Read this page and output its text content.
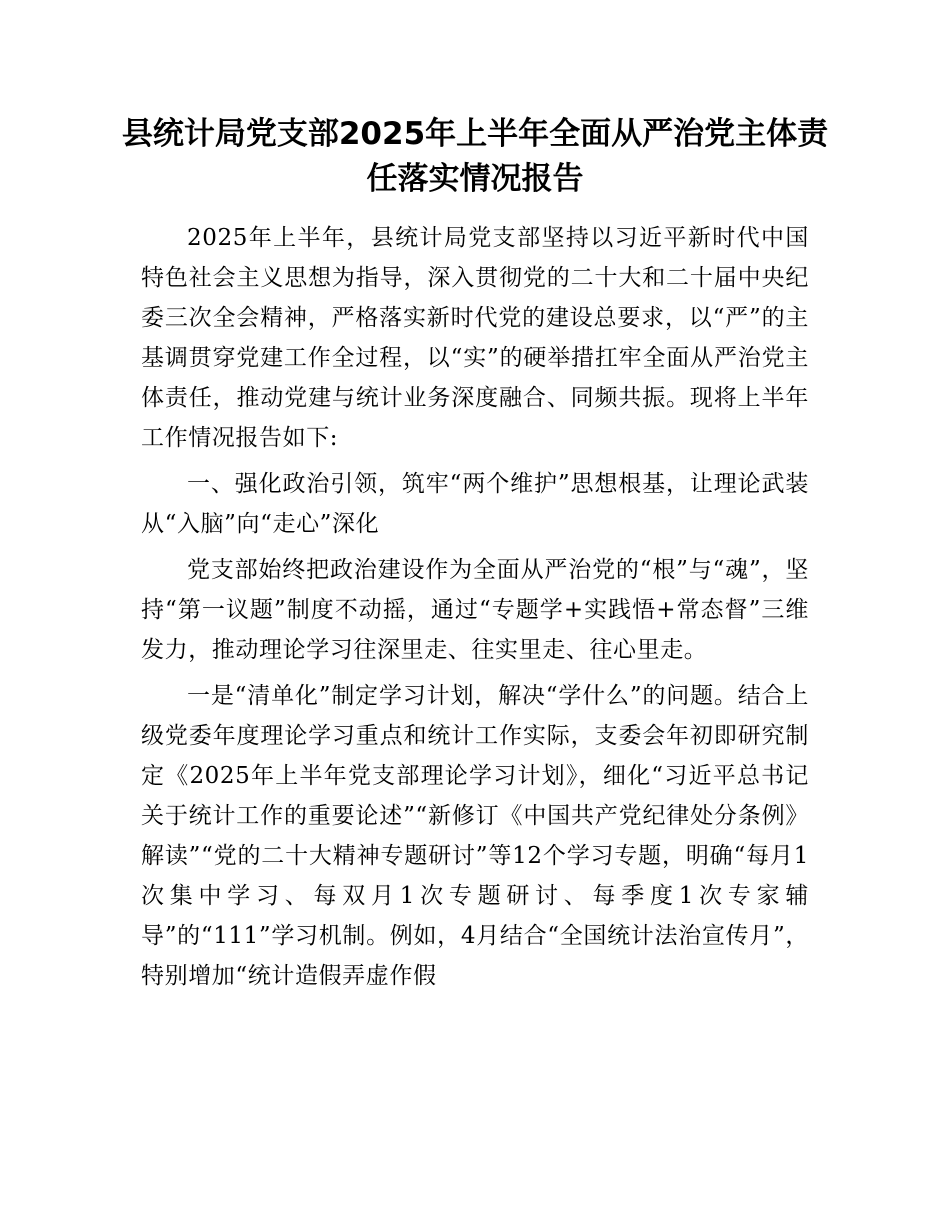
县统计局党支部2025年上半年全面从严治党主体责任落实情况报告

2025年上半年，县统计局党支部坚持以习近平新时代中国特色社会主义思想为指导，深入贯彻党的二十大和二十届中央纪委三次全会精神，严格落实新时代党的建设总要求，以“严”的主基调贯穿党建工作全过程，以“实”的硬举措扛牢全面从严治党主体责任，推动党建与统计业务深度融合、同频共振。现将上半年工作情况报告如下:

一、强化政治引领，筑牢“两个维护”思想根基，让理论武装从“入脑”向“走心”深化

党支部始终把政治建设作为全面从严治党的“根”与“魂”，坚持“第一议题”制度不动摇，通过“专题学+实践悟+常态督”三维发力，推动理论学习往深里走、往实里走、往心里走。

一是“清单化”制定学习计划，解决“学什么”的问题。结合上级党委年度理论学习重点和统计工作实际，支委会年初即研究制定《2025年上半年党支部理论学习计划》，细化“习近平总书记关于统计工作的重要论述”“新修订《中国共产党纪律处分条例》解读”“党的二十大精神专题研讨”等12个学习专题，明确“每月1次集中学习、每双月1次专题研讨、每季度1次专家辅导”的“111”学习机制。例如，4月结合“全国统计法治宣传月”，特别增加“统计造假弄虚作假
